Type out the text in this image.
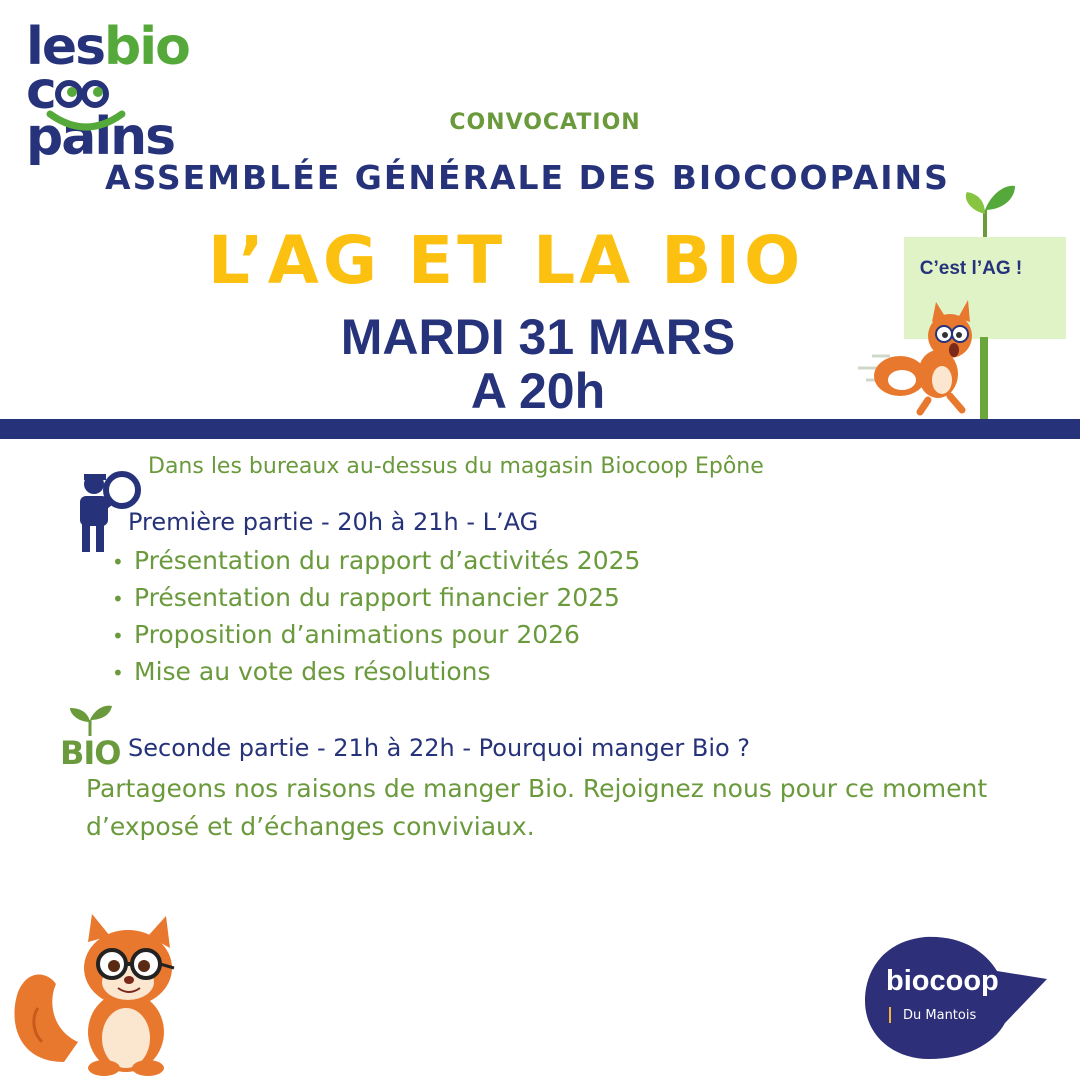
lesbio
cpains	CONVOCATION
ASSEMBLÉE GÉNÉRALE DES BIOCOOPAINS
L’AG ET LA BIO
MARDI 31 MARS
A 20h
C’est l’AG !
Dans les bureaux au-dessus du magasin Biocoop Epône
Première partie - 20h à 21h - L’AG
• Présentation du rapport d’activités 2025
• Présentation du rapport financier 2025
• Proposition d’animations pour 2026
• Mise au vote des résolutions
BIO Seconde partie - 21h à 22h - Pourquoi manger Bio ?
Partageons nos raisons de manger Bio. Rejoignez nous pour ce moment d’exposé et d’échanges conviviaux.
biocoop
Du Mantois
